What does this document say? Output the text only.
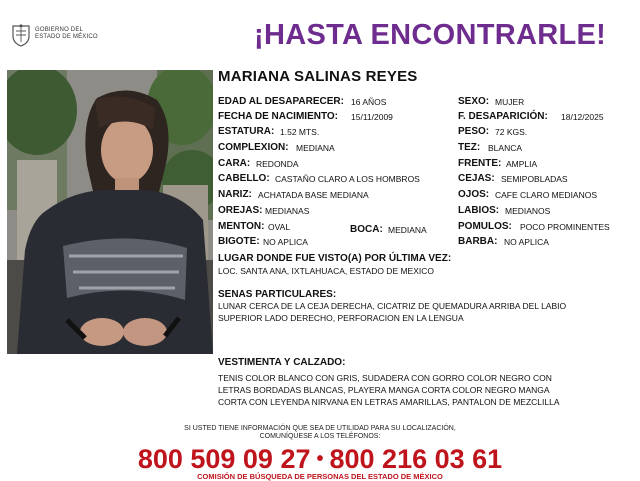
GOBIERNO DEL
ESTADO DE MÉXICO	¡HASTA ENCONTRARLE!
MARIANA SALINAS REYES
EDAD AL DESAPARECER: 16 AÑOS
FECHA DE NACIMIENTO: 15/11/2009
ESTATURA: 1.52 MTS.
COMPLEXION: MEDIANA
CARA: REDONDA
CABELLO: CASTAÑO CLARO A LOS HOMBROS
NARIZ: ACHATADA BASE MEDIANA
OREJAS: MEDIANAS
MENTON: OVAL	BOCA: MEDIANA
BIGOTE: NO APLICA
SEXO: MUJER
F. DESAPARICIÓN: 18/12/2025
PESO: 72 KGS.
TEZ: BLANCA
FRENTE: AMPLIA
CEJAS: SEMIPOBLADAS
OJOS: CAFE CLARO MEDIANOS
LABIOS: MEDIANOS
POMULOS: POCO PROMINENTES
BARBA: NO APLICA
LUGAR DONDE FUE VISTO(A) POR ÚLTIMA VEZ:
LOC. SANTA ANA, IXTLAHUACA, ESTADO DE MEXICO
SENAS PARTICULARES:
LUNAR CERCA DE LA CEJA DERECHA, CICATRIZ DE QUEMADURA ARRIBA DEL LABIO
SUPERIOR LADO DERECHO, PERFORACION EN LA LENGUA
VESTIMENTA Y CALZADO:
TENIS COLOR BLANCO CON GRIS, SUDADERA CON GORRO COLOR NEGRO CON
LETRAS BORDADAS BLANCAS, PLAYERA MANGA CORTA COLOR NEGRO MANGA
CORTA CON LEYENDA NIRVANA EN LETRAS AMARILLAS, PANTALON DE MEZCLILLA
SI USTED TIENE INFORMACIÓN QUE SEA DE UTILIDAD PARA SU LOCALIZACIÓN,
COMUNÍQUESE A LOS TELÉFONOS:
800 509 09 27 • 800 216 03 61
COMISIÓN DE BÚSQUEDA DE PERSONAS DEL ESTADO DE MÉXICO
